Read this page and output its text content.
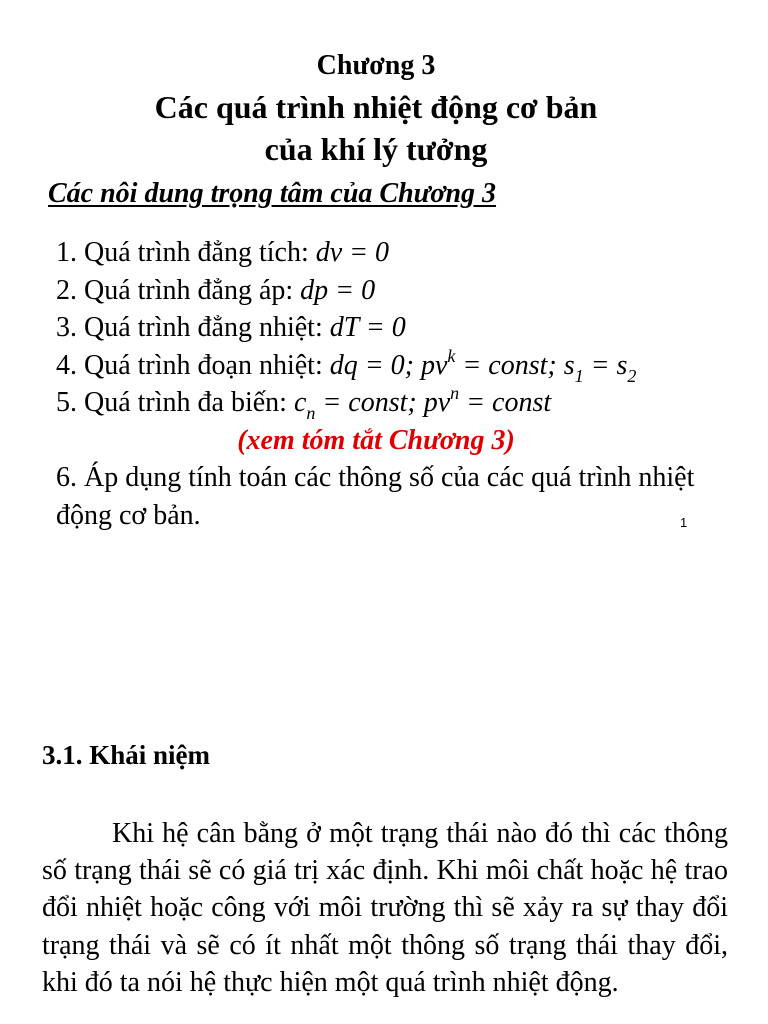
Chương 3
Các quá trình nhiệt động cơ bản
của khí lý tưởng
Các nôi dung trọng tâm của Chương 3
1. Quá trình đẳng tích: dv = 0
2. Quá trình đẳng áp: dp = 0
3. Quá trình đẳng nhiệt: dT = 0
4. Quá trình đoạn nhiệt: dq = 0; $pv^k$ = const; $s_1 = s_2$
5. Quá trình đa biến: $c_n$ = const; $pv^n$ = const
(xem tóm tắt Chương 3)
6. Áp dụng tính toán các thông số của các quá trình nhiệt động cơ bản.	1
3.1. Khái niệm
Khi hệ cân bằng ở một trạng thái nào đó thì các thông số trạng thái sẽ có giá trị xác định. Khi môi chất hoặc hệ trao đổi nhiệt hoặc công với môi trường thì sẽ xảy ra sự thay đổi trạng thái và sẽ có ít nhất một thông số trạng thái thay đổi, khi đó ta nói hệ thực hiện một quá trình nhiệt động.
